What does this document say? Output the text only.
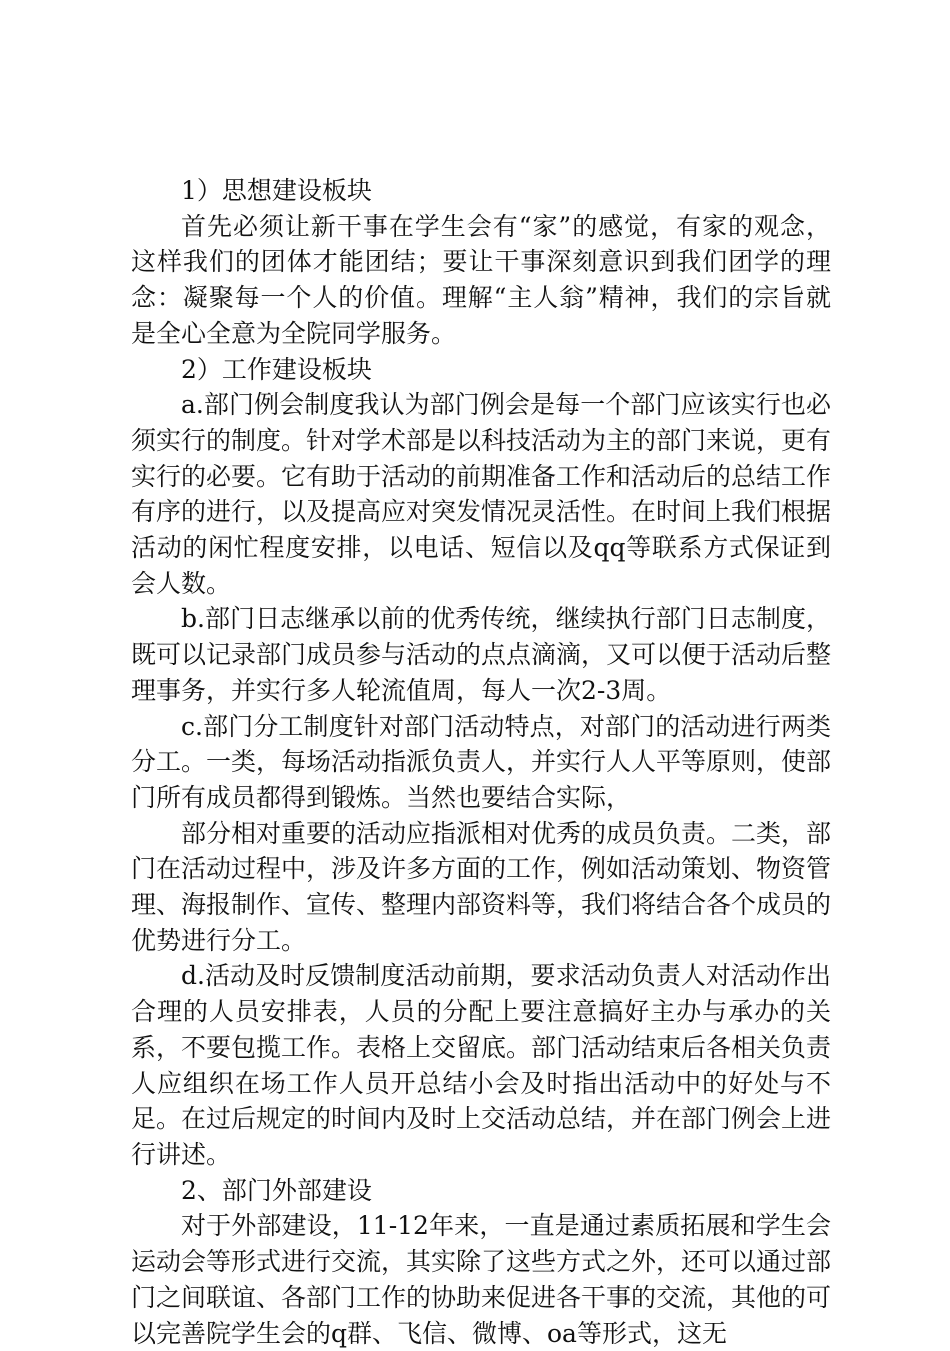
1）思想建设板块

首先必须让新干事在学生会有“家”的感觉，有家的观念，这样我们的团体才能团结；要让干事深刻意识到我们团学的理念：凝聚每一个人的价值。理解“主人翁”精神，我们的宗旨就是全心全意为全院同学服务。

2）工作建设板块

a.部门例会制度我认为部门例会是每一个部门应该实行也必须实行的制度。针对学术部是以科技活动为主的部门来说，更有实行的必要。它有助于活动的前期准备工作和活动后的总结工作有序的进行，以及提高应对突发情况灵活性。在时间上我们根据活动的闲忙程度安排，以电话、短信以及qq等联系方式保证到会人数。

b.部门日志继承以前的优秀传统，继续执行部门日志制度，既可以记录部门成员参与活动的点点滴滴，又可以便于活动后整理事务，并实行多人轮流值周，每人一次2-3周。

c.部门分工制度针对部门活动特点，对部门的活动进行两类分工。一类，每场活动指派负责人，并实行人人平等原则，使部门所有成员都得到锻炼。当然也要结合实际，

部分相对重要的活动应指派相对优秀的成员负责。二类，部门在活动过程中，涉及许多方面的工作，例如活动策划、物资管理、海报制作、宣传、整理内部资料等，我们将结合各个成员的优势进行分工。

d.活动及时反馈制度活动前期，要求活动负责人对活动作出合理的人员安排表，人员的分配上要注意搞好主办与承办的关系，不要包揽工作。表格上交留底。部门活动结束后各相关负责人应组织在场工作人员开总结小会及时指出活动中的好处与不足。在过后规定的时间内及时上交活动总结，并在部门例会上进行讲述。

2、部门外部建设

对于外部建设，11-12年来，一直是通过素质拓展和学生会运动会等形式进行交流，其实除了这些方式之外，还可以通过部门之间联谊、各部门工作的协助来促进各干事的交流，其他的可以完善院学生会的q群、飞信、微博、oa等形式，这无
